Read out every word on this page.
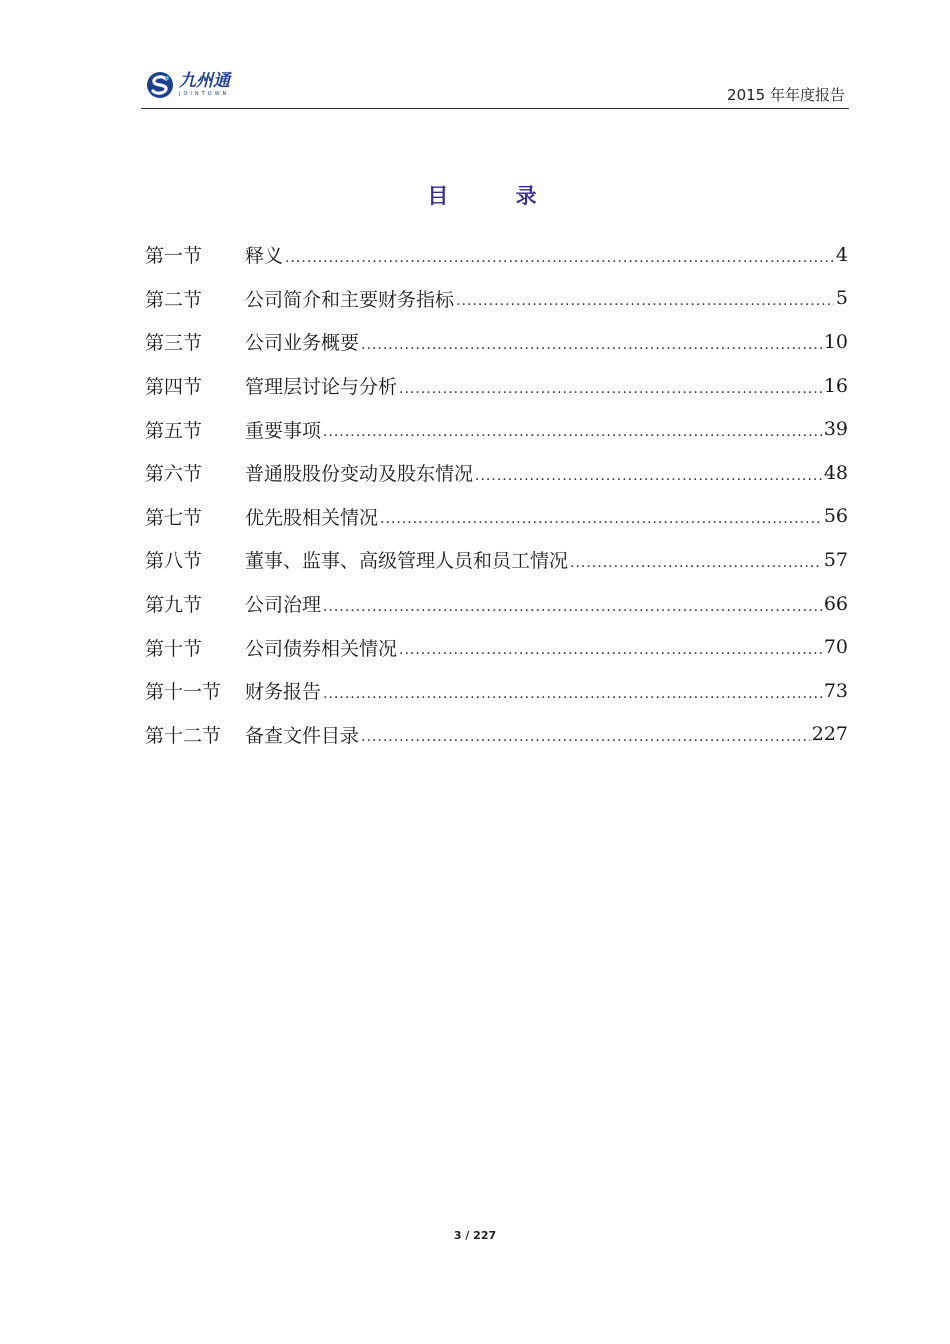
九州通
JOINTOWN	2015 年年度报告
目 录
第一节	释义 .....	4
第二节	公司简介和主要财务指标 .....	5
第三节	公司业务概要 .....	10
第四节	管理层讨论与分析 .....	16
第五节	重要事项 .....	39
第六节	普通股股份变动及股东情况 .....	48
第七节	优先股相关情况 .....	56
第八节	董事、监事、高级管理人员和员工情况 .....	57
第九节	公司治理 .....	66
第十节	公司债券相关情况 .....	70
第十一节	财务报告 .....	73
第十二节	备查文件目录 .....	227
3 / 227
